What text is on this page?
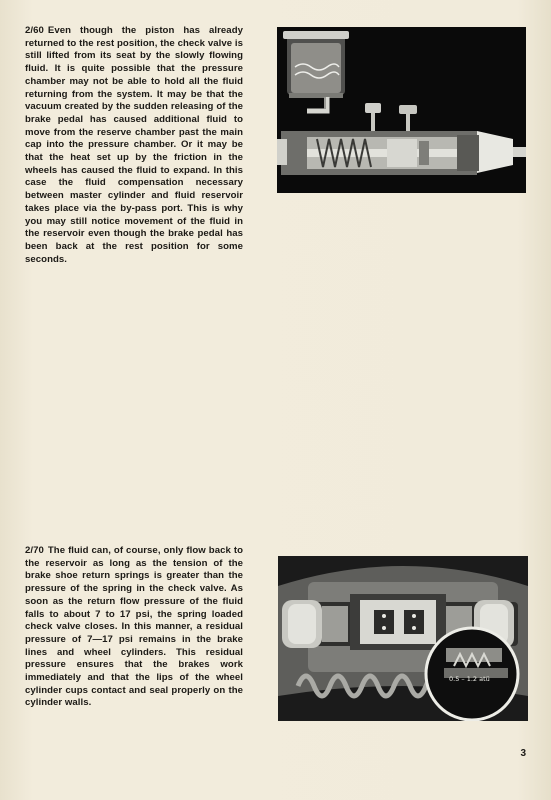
2/60 Even though the piston has already returned to the rest position, the check valve is still lifted from its seat by the slowly flowing fluid. It is quite possible that the pressure chamber may not be able to hold all the fluid returning from the system. It may be that the vacuum created by the sudden releasing of the brake pedal has caused additional fluid to move from the reserve chamber past the main cap into the pressure chamber. Or it may be that the heat set up by the friction in the wheels has caused the fluid to expand. In this case the fluid compensation necessary between master cylinder and fluid reservoir takes place via the by-pass port. This is why you may still notice movement of the fluid in the reservoir even though the brake pedal has been back at the rest position for some seconds.
2/70 The fluid can, of course, only flow back to the reservoir as long as the tension of the brake shoe return springs is greater than the pressure of the spring in the check valve. As soon as the return flow pressure of the fluid falls to about 7 to 17 psi, the spring loaded check valve closes. In this manner, a residual pressure of 7—17 psi remains in the brake lines and wheel cylinders. This residual pressure ensures that the brakes work immediately and that the lips of the wheel cylinder cups contact and seal properly on the cylinder walls.
0.5 – 1.2 atü
3
